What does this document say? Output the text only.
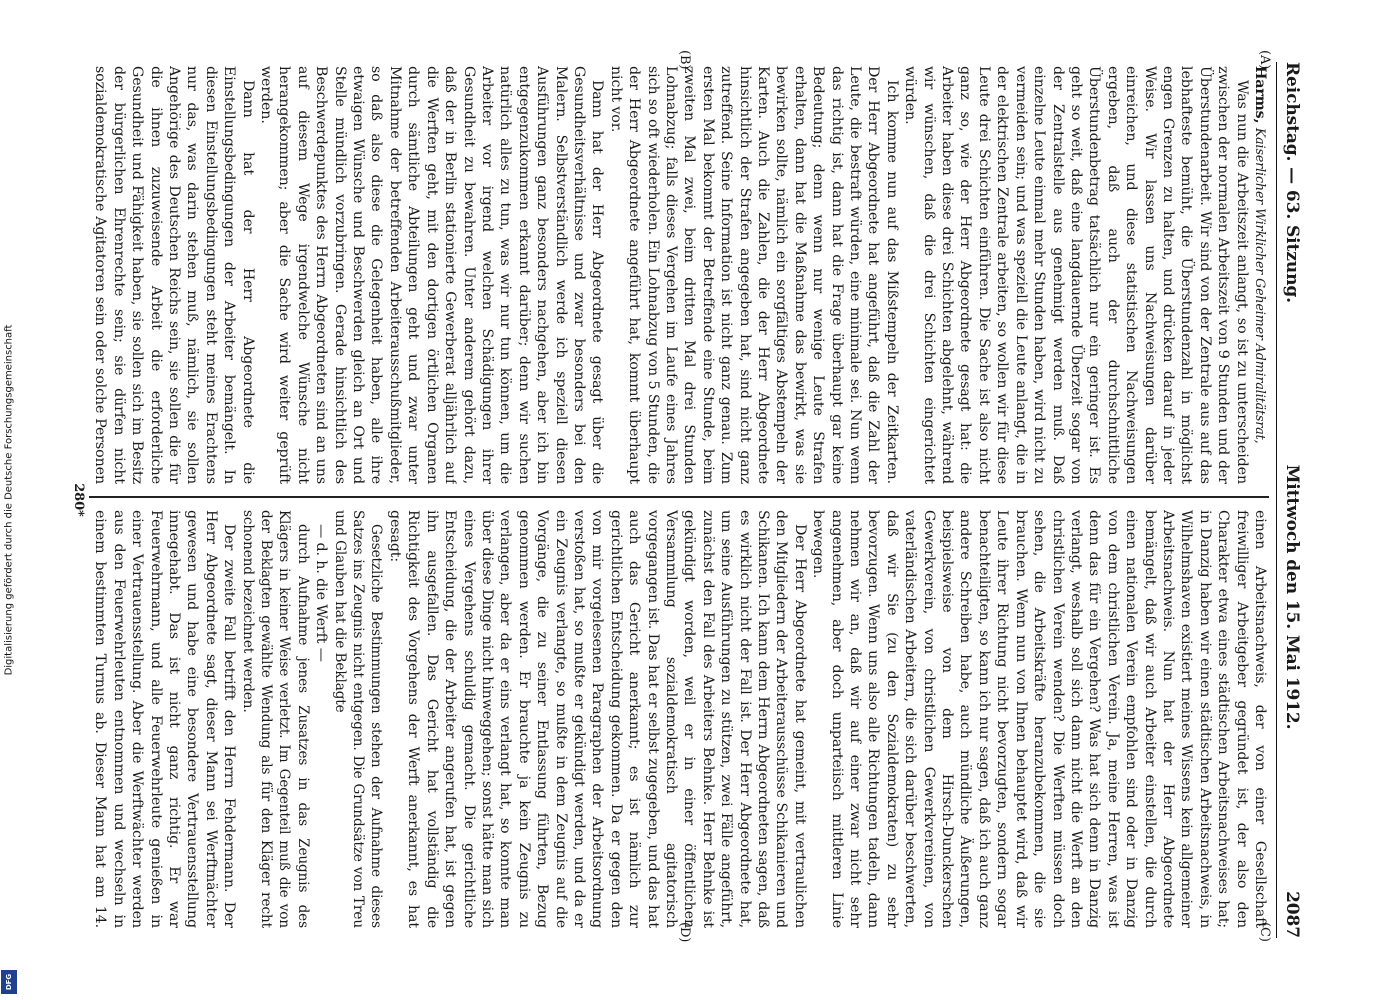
Digitalisierung gefördert durch die Deutsche Forschungsgemeinschaft
DFG
Reichstag. — 63. Sitzung.
Mittwoch den 15. Mai 1912.
2087
(A)
(B)
(C)
(D)

Harms, Kaiserlicher Wirklicher Geheimer Admiralitätsrat,

Was nun die Arbeitszeit anlangt, so ist zu unterscheiden zwischen der normalen Arbeitszeit von 9 Stunden und der Überstundenarbeit. Wir sind von der Zentrale aus auf das lebhafteste bemüht, die Überstundenzahl in möglichst engen Grenzen zu halten, und drücken darauf in jeder Weise. Wir lassen uns Nachweisungen darüber einreichen, und diese statistischen Nachweisungen ergeben, daß auch der durchschnittliche Überstundenbetrag tatsächlich nur ein geringer ist. Es geht so weit, daß eine langdauernde Überzeit sogar von der Zentralstelle aus genehmigt werden muß. Daß einzelne Leute einmal mehr Stunden haben, wird nicht zu vermeiden sein; und was speziell die Leute anlangt, die in der elektrischen Zentrale arbeiten, so wollen wir für diese Leute drei Schichten einführen. Die Sache ist also nicht ganz so, wie der Herr Abgeordnete gesagt hat: die Arbeiter haben diese drei Schichten abgelehnt, während wir wünschen, daß die drei Schichten eingerichtet würden.

Ich komme nun auf das Mißstempeln der Zeitkarten. Der Herr Abgeordnete hat angeführt, daß die Zahl der Leute, die bestraft würden, eine minimale sei. Nun wenn das richtig ist, dann hat die Frage überhaupt gar keine Bedeutung; denn wenn nur wenige Leute Strafen erhalten, dann hat die Maßnahme das bewirkt, was sie bewirken sollte, nämlich ein sorgfältiges Abstempeln der Karten. Auch die Zahlen, die der Herr Abgeordnete hinsichtlich der Strafen angegeben hat, sind nicht ganz zutreffend. Seine Information ist nicht ganz genau. Zum ersten Mal bekommt der Betreffende eine Stunde, beim zweiten Mal zwei, beim dritten Mal drei Stunden Lohnabzug; falls dieses Vergehen im Laufe eines Jahres sich so oft wiederholen. Ein Lohnabzug von 5 Stunden, die der Herr Abgeordnete angeführt hat, kommt überhaupt nicht vor.

Dann hat der Herr Abgeordnete gesagt über die Gesundheitsverhältnisse und zwar besonders bei den Malern. Selbstverständlich werde ich speziell diesen Ausführungen ganz besonders nachgehen, aber ich bin entgegenzukommen erkannt darüber; denn wir suchen natürlich alles zu tun, was wir nur tun können, um die Arbeiter vor irgend welchen Schädigungen ihrer Gesundheit zu bewahren. Unter anderem gehört dazu, daß der in Berlin stationierte Gewerberat alljährlich auf die Werften geht, mit den dortigen örtlichen Organen durch sämtliche Abteilungen geht und zwar unter Mitnahme der betreffenden Arbeiterausschußmitglieder, so daß also diese die Gelegenheit haben, alle ihre etwaigen Wünsche und Beschwerden gleich an Ort und Stelle mündlich vorzubringen. Gerade hinsichtlich des Beschwerdepunktes des Herrn Abgeordneten sind an uns auf diesem Wege irgendwelche Wünsche nicht herangekommen; aber die Sache wird weiter geprüft werden.

Dann hat der Herr Abgeordnete die Einstellungsbedingungen der Arbeiter bemängelt. In diesen Einstellungsbedingungen steht meines Erachtens nur das, was darin stehen muß, nämlich, sie sollen Angehörige des Deutschen Reichs sein, sie sollen die für die ihnen zuzuweisende Arbeit die erforderliche Gesundheit und Fähigkeit haben, sie sollen sich im Besitz der bürgerlichen Ehrenrechte sein; sie dürfen nicht sozialdemokratische Agitatoren sein oder solche Personen

einen Arbeitsnachweis, der von einer Gesellschaft freiwilliger Arbeitgeber gegründet ist, der also den Charakter etwa eines städtischen Arbeitsnachweises hat; in Danzig haben wir einen städtischen Arbeitsnachweis, in Wilhelmshaven existiert meines Wissens kein allgemeiner Arbeitsnachweis. Nun hat der Herr Abgeordnete bemängelt, daß wir auch Arbeiter einstellen, die durch einen nationalen Verein empfohlen sind oder in Danzig von dem christlichen Verein. Ja, meine Herren, was ist denn das für ein Vergehen? Was hat sich denn in Danzig verlangt, weshalb soll sich dann nicht die Werft an den christlichen Verein wenden? Die Werften müssen doch sehen, die Arbeitskräfte heranzubekommen, die sie brauchen. Wenn nun von Ihnen behauptet wird, daß wir Leute ihrer Richtung nicht bevorzugten, sondern sogar benachteiligten, so kann ich nur sagen, daß ich auch ganz andere Schreiben habe, auch mündliche Äußerungen, beispielsweise von dem Hirsch-Dunckerschen Gewerkverein, von christlichen Gewerkvereinen, von vaterländischen Arbeitern, die sich darüber beschwerten, daß wir Sie (zu den Sozialdemokraten) zu sehr bevorzugen. Wenn uns also alle Richtungen tadeln, dann nehmen wir an, daß wir auf einer zwar nicht sehr angenehmen, aber doch unparteiisch mittleren Linie bewegen.

Der Herr Abgeordnete hat gemeint, mit vertraulichen den Mitgliedern der Arbeiterausschüsse Schikanieren und Schikanen. Ich kann dem Herrn Abgeordneten sagen, daß es wirklich nicht der Fall ist. Der Herr Abgeordnete hat, um seine Ausführungen zu stützen, zwei Fälle angeführt, zunächst den Fall des Arbeiters Behnke. Herr Behnke ist gekündigt worden, weil er in einer öffentlichen Versammlung sozialdemokratisch agitatorisch vorgegangen ist. Das hat er selbst zugegeben, und das hat auch das Gericht anerkannt; es ist nämlich zur gerichtlichen Entscheidung gekommen. Da er gegen den von mir vorgelesenen Paragraphen der Arbeitsordnung verstoßen hat, so mußte er gekündigt werden, und da er ein Zeugnis verlangte, so mußte in dem Zeugnis auf die Vorgänge, die zu seiner Entlassung führten, Bezug genommen werden. Er brauchte ja kein Zeugnis zu verlangen, aber da er eins verlangt hat, so konnte man über diese Dinge nicht hinweggehen; sonst hätte man sich eines Vergehens schuldig gemacht. Die gerichtliche Entscheidung, die der Arbeiter angerufen hat, ist gegen ihn ausgefallen. Das Gericht hat vollständig die Richtigkeit des Vorgehens der Werft anerkannt, es hat gesagt:

Gesetzliche Bestimmungen stehen der Aufnahme dieses Satzes ins Zeugnis nicht entgegen. Die Grundsätze von Treu und Glauben hat die Beklagte

— d. h. die Werft —

durch Aufnahme jenes Zusatzes in das Zeugnis des Klägers in keiner Weise verletzt. Im Gegenteil muß die von der Beklagten gewählte Wendung als für den Kläger recht schonend bezeichnet werden.

Der zweite Fall betrifft den Herrn Fehdermann. Der Herr Abgeordnete sagt, dieser Mann sei Werftmächter gewesen und habe eine besondere Vertrauensstellung innegehabt. Das ist nicht ganz richtig. Er war Feuerwehrmann, und alle Feuerwehrleute genießen in einer Vertrauensstellung. Aber die Werftwächter werden aus den Feuerwehrleuten entnommen und wechseln in einem bestimmten Turnus ab. Dieser Mann hat am 14.

280*
